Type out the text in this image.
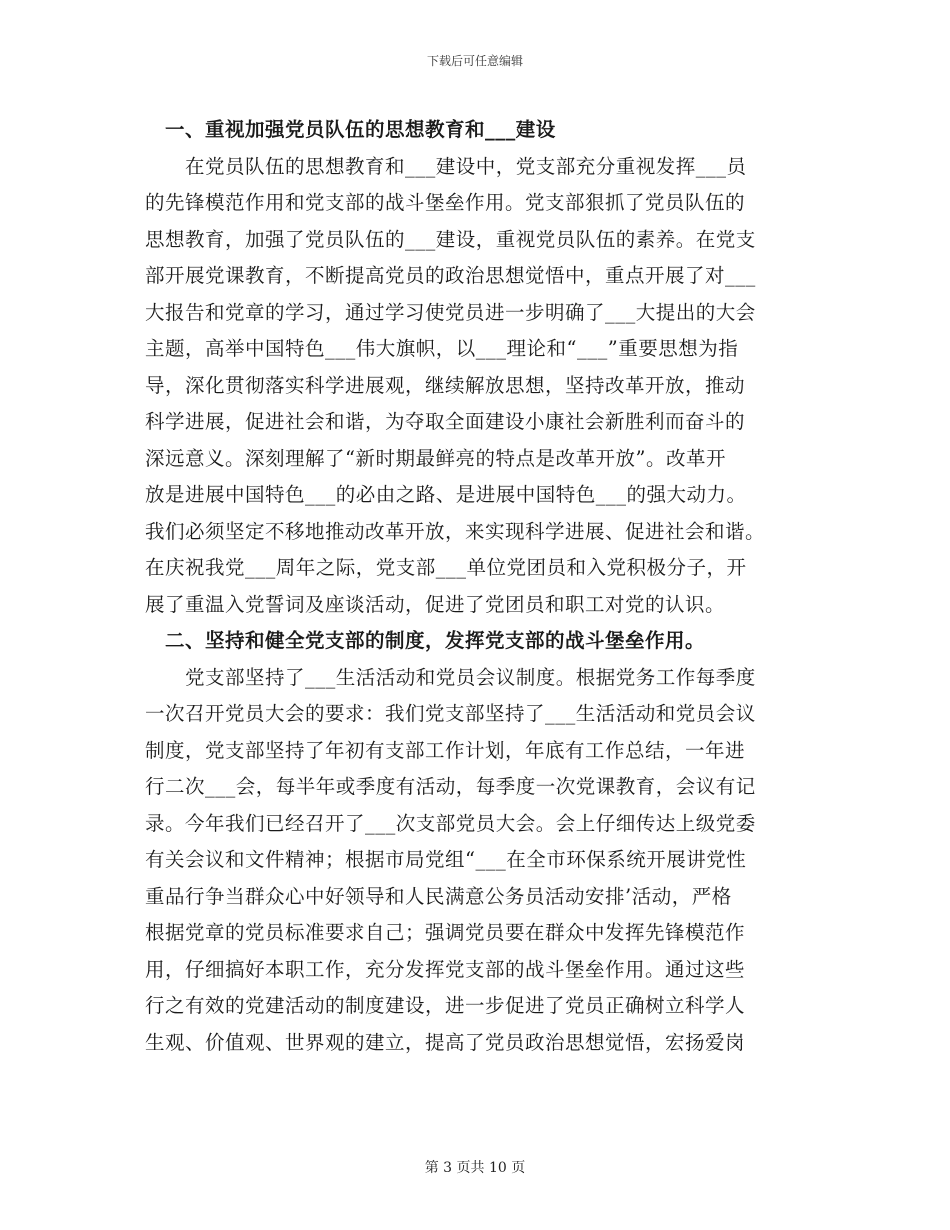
下载后可任意编辑
　一、重视加强党员队伍的思想教育和___建设
　　在党员队伍的思想教育和___建设中，党支部充分重视发挥___员
的先锋模范作用和党支部的战斗堡垒作用。党支部狠抓了党员队伍的
思想教育，加强了党员队伍的___建设，重视党员队伍的素养。在党支
部开展党课教育，不断提高党员的政治思想觉悟中，重点开展了对___
大报告和党章的学习，通过学习使党员进一步明确了___大提出的大会
主题，高举中国特色___伟大旗帜，以___理论和“___”重要思想为指
导，深化贯彻落实科学进展观，继续解放思想，坚持改革开放，推动
科学进展，促进社会和谐，为夺取全面建设小康社会新胜利而奋斗的
深远意义。深刻理解了“新时期最鲜亮的特点是改革开放”。改革开
放是进展中国特色___的必由之路、是进展中国特色___的强大动力。
我们必须坚定不移地推动改革开放，来实现科学进展、促进社会和谐。
在庆祝我党___周年之际，党支部___单位党团员和入党积极分子，开
展了重温入党誓词及座谈活动，促进了党团员和职工对党的认识。
　二、坚持和健全党支部的制度，发挥党支部的战斗堡垒作用。
　　党支部坚持了___生活活动和党员会议制度。根据党务工作每季度
一次召开党员大会的要求：我们党支部坚持了___生活活动和党员会议
制度，党支部坚持了年初有支部工作计划，年底有工作总结，一年进
行二次___会，每半年或季度有活动，每季度一次党课教育，会议有记
录。今年我们已经召开了___次支部党员大会。会上仔细传达上级党委
有关会议和文件精神；根据市局党组“___在全市环保系统开展讲党性
重品行争当群众心中好领导和人民满意公务员活动安排’活动，严格
根据党章的党员标准要求自己；强调党员要在群众中发挥先锋模范作
用，仔细搞好本职工作，充分发挥党支部的战斗堡垒作用。通过这些
行之有效的党建活动的制度建设，进一步促进了党员正确树立科学人
生观、价值观、世界观的建立，提高了党员政治思想觉悟，宏扬爱岗
第 3 页共 10 页
